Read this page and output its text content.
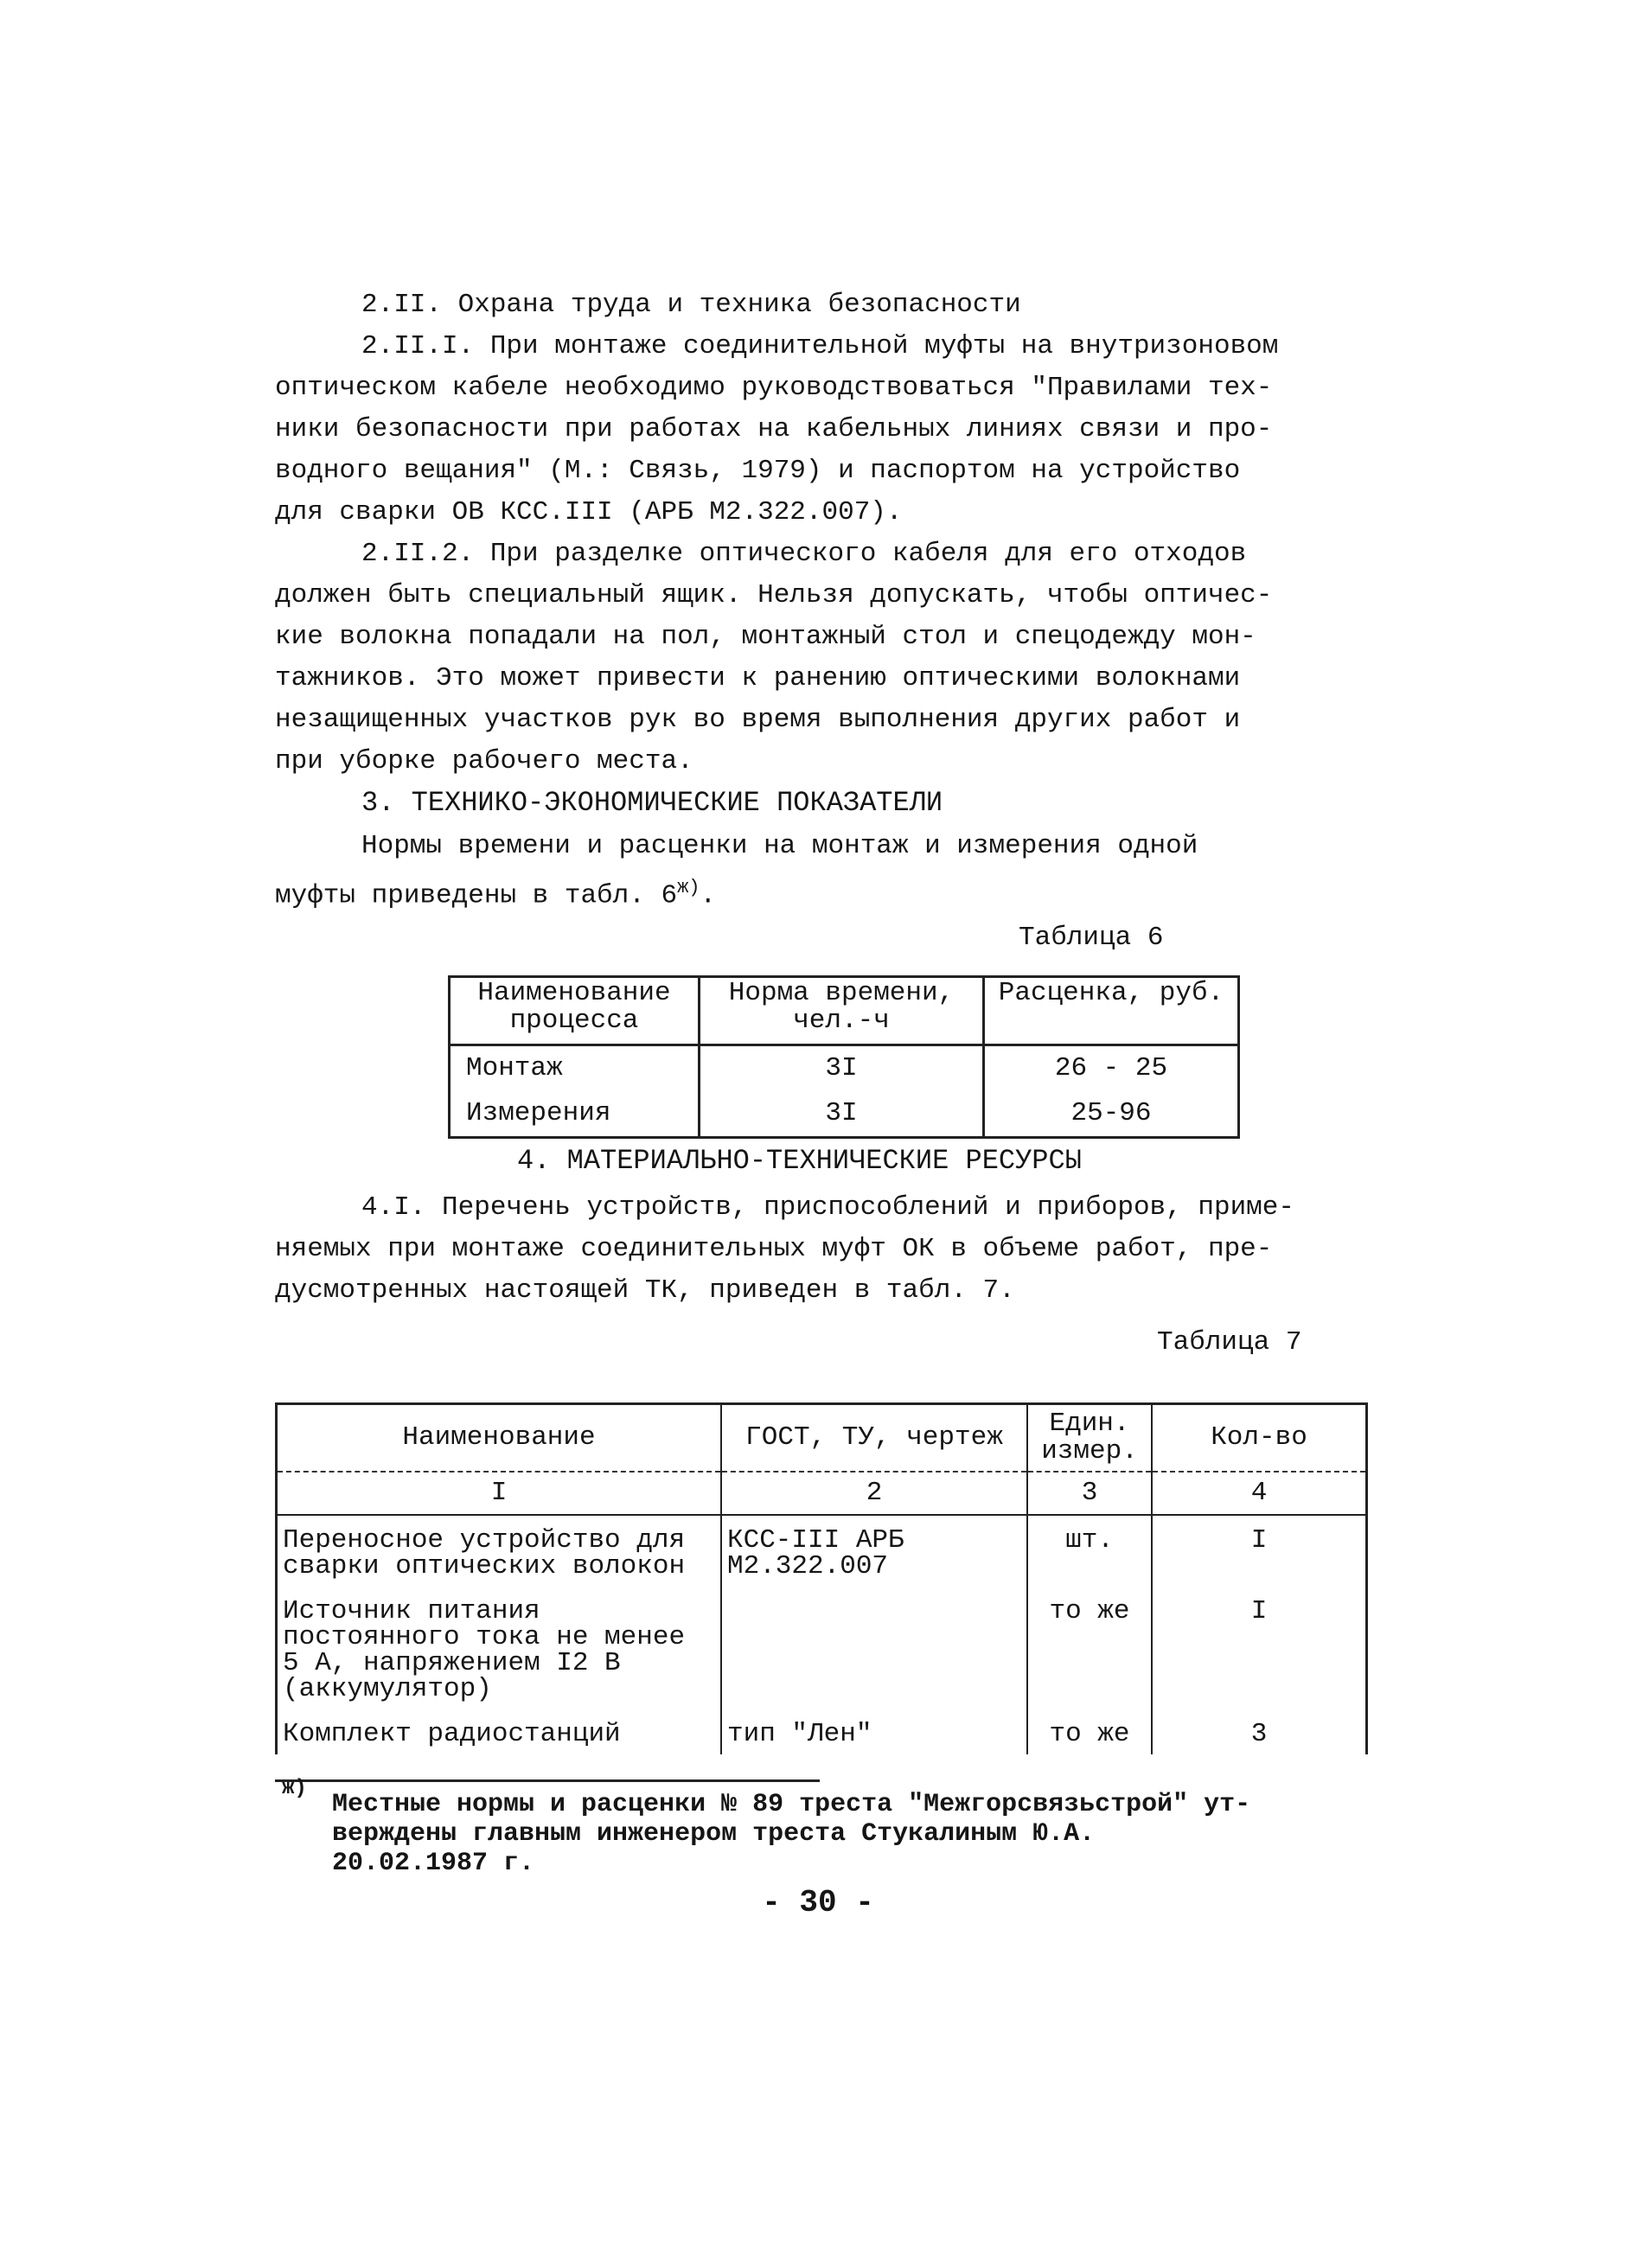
2.II. Охрана труда и техника безопасности
2.II.I. При монтаже соединительной муфты на внутризоновом
оптическом кабеле необходимо руководствоваться "Правилами тех-
ники безопасности при работах на кабельных линиях связи и про-
водного вещания" (М.: Связь, 1979) и паспортом на устройство
для сварки ОВ КСС.III (АРБ М2.322.007).
2.II.2. При разделке оптического кабеля для его отходов
должен быть специальный ящик. Нельзя допускать, чтобы оптичес-
кие волокна попадали на пол, монтажный стол и спецодежду мон-
тажников. Это может привести к ранению оптическими волокнами
незащищенных участков рук во время выполнения других работ и
при уборке рабочего места.
3. ТЕХНИКО-ЭКОНОМИЧЕСКИЕ ПОКАЗАТЕЛИ
Нормы времени и расценки на монтаж и измерения одной
муфты приведены в табл. $6^{ж)}$.
Таблица 6
Наименование процесса	Норма времени, чел.-ч	Расценка, руб.
Монтаж	3I	26 - 25
Измерения	3I	25-96
4. МАТЕРИАЛЬНО-ТЕХНИЧЕСКИЕ РЕСУРСЫ
4.I. Перечень устройств, приспособлений и приборов, приме-
няемых при монтаже соединительных муфт ОК в объеме работ, пре-
дусмотренных настоящей ТК, приведен в табл. 7.
Таблица 7
Наименование	ГОСТ, ТУ, чертеж	Един. измер.	Кол-во
I	2	3	4
Переносное устройство для сварки оптических волокон	КСС-III АРБ М2.322.007	шт.	I
Источник питания постоянного тока не менее 5 А, напряжением I2 В (аккумулятор)		то же	I
Комплект радиостанций	тип "Лен"	то же	3
ж)
Местные нормы и расценки № 89 треста "Межгорсвязьстрой" ут-
верждены главным инженером треста Стукалиным Ю.А.
20.02.1987 г.
- 30 -
